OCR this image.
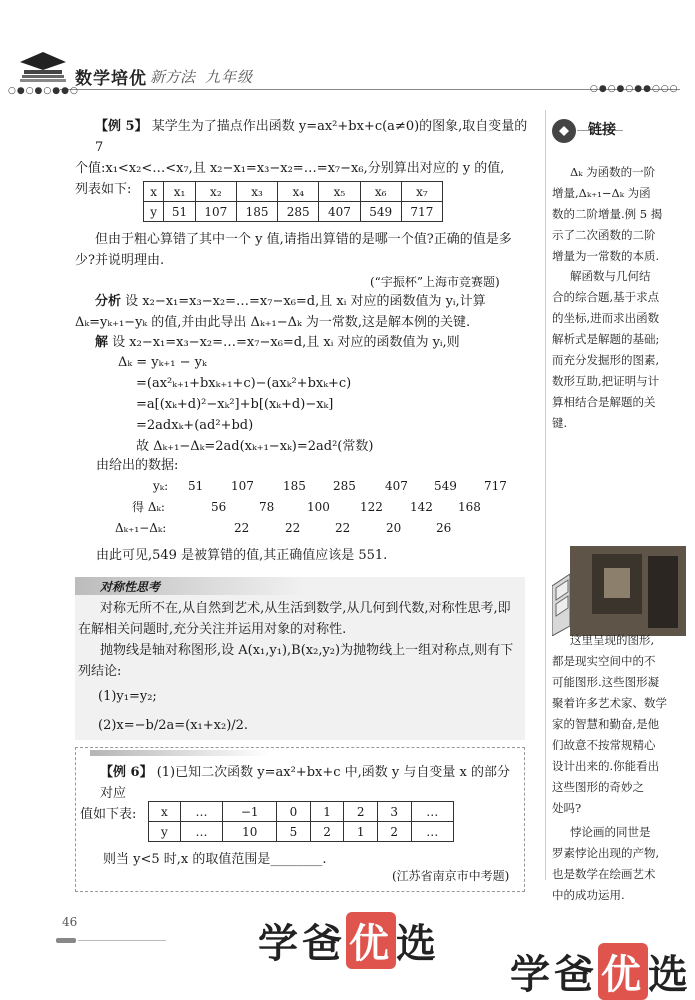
数学培优 新方法 九年级
○●○●○●●○	○●○●○●●○○○
【例 5】 某学生为了描点作出函数 y=ax²+bx+c(a≠0)的图象,取自变量的 7
个值:x₁<x₂<…<x₇,且 x₂−x₁=x₃−x₂=…=x₇−x₆,分别算出对应的 y 的值,
列表如下:	x	x₁	x₂	x₃	x₄	x₅	x₆	x₇
y	51	107	185	285	407	549	717
但由于粗心算错了其中一个 y 值,请指出算错的是哪一个值?正确的值是多
少?并说明理由.
(“宇振杯”上海市竞赛题)
分析 设 x₂−x₁=x₃−x₂=…=x₇−x₆=d,且 xᵢ 对应的函数值为 yᵢ,计算
Δₖ=yₖ₊₁−yₖ 的值,并由此导出 Δₖ₊₁−Δₖ 为一常数,这是解本例的关键.
解 设 x₂−x₁=x₃−x₂=…=x₇−x₆=d,且 xᵢ 对应的函数值为 yᵢ,则
Δₖ = yₖ₊₁ − yₖ
=(ax²ₖ₊₁+bxₖ₊₁+c)−(axₖ²+bxₖ+c)
=a[(xₖ+d)²−xₖ²]+b[(xₖ+d)−xₖ]
=2adxₖ+(ad²+bd)
故 Δₖ₊₁−Δₖ=2ad(xₖ₊₁−xₖ)=2ad²(常数)
由给出的数据:
yₖ: 51 107 185 285 407 549 717
得 Δₖ:	56	78	100	122 142 168
Δₖ₊₁−Δₖ:	22	22	22	20	26
由此可见,549 是被算错的值,其正确值应该是 551.
对称性思考
对称无所不在,从自然到艺术,从生活到数学,从几何到代数,对称性思考,即
在解相关问题时,充分关注并运用对象的对称性.
抛物线是轴对称图形,设 A(x₁,y₁),B(x₂,y₂)为抛物线上一组对称点,则有下
列结论:
(1)y₁=y₂;
(2)x=−b/2a=(x₁+x₂)/2.
【例 6】 (1)已知二次函数 y=ax²+bx+c 中,函数 y 与自变量 x 的部分对应
值如下表:	x	…	−1	0	1	2	3	…
y	…	10	5	2	1	2	…
则当 y<5 时,x 的取值范围是________.
(江苏省南京市中考题)
链接
Δₖ 为函数的一阶
增量,Δₖ₊₁−Δₖ 为函
数的二阶增量.例 5 揭
示了二次函数的二阶
增量为一常数的本质.
解函数与几何结
合的综合题,基于求点
的坐标,进而求出函数
解析式是解题的基础;
而充分发掘形的图素,
数形互助,把证明与计
算相结合是解题的关
键.
这里呈现的图形,
都是现实空间中的不
可能图形.这些图形凝
聚着许多艺术家、数学
家的智慧和勤奋,是他
们故意不按常规精心
设计出来的.你能看出
这些图形的奇妙之
处吗?
悖论画的同世是
罗素悖论出现的产物,
也是数学在绘画艺术
中的成功运用.
46	学爸优选
学爸优选
